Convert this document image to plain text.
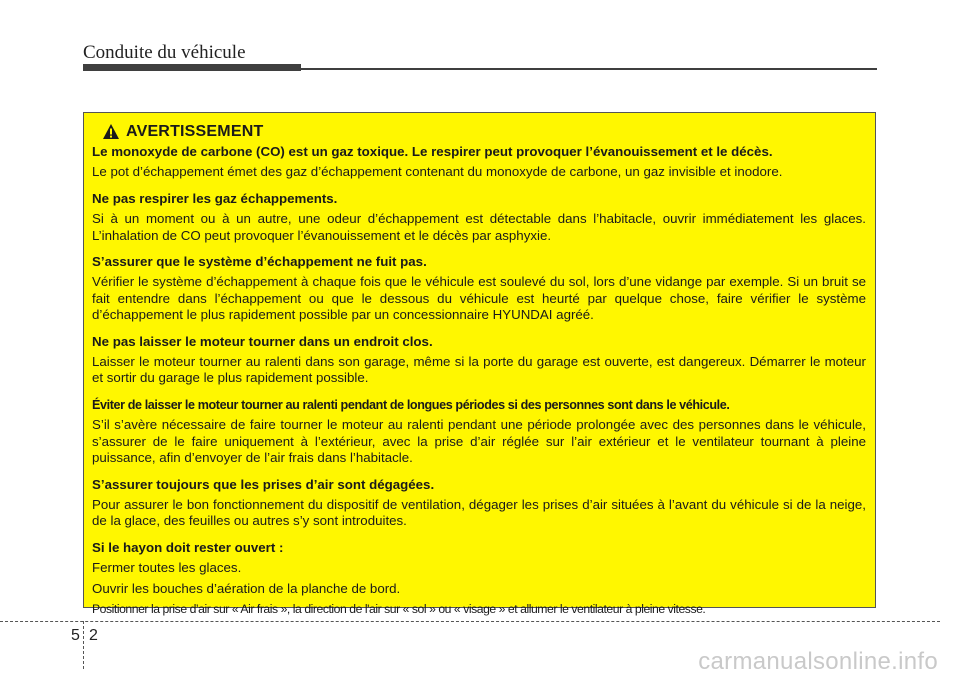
Conduite du véhicule
AVERTISSEMENT

Le monoxyde de carbone (CO) est un gaz toxique. Le respirer peut provoquer l’évanouissement et le décès.

Le pot d’échappement émet des gaz d’échappement contenant du monoxyde de carbone, un gaz invisible et inodore.

Ne pas respirer les gaz échappements.

Si à un moment ou à un autre, une odeur d’échappement est détectable dans l’habitacle, ouvrir immédiatement les glaces. L’inhalation de CO peut provoquer l’évanouissement et le décès par asphyxie.

S’assurer que le système d’échappement ne fuit pas.

Vérifier le système d’échappement à chaque fois que le véhicule est soulevé du sol, lors d’une vidange par exemple. Si un bruit se fait entendre dans l’échappement ou que le dessous du véhicule est heurté par quelque chose, faire vérifier le système d’échappement le plus rapidement possible par un concessionnaire HYUNDAI agréé.

Ne pas laisser le moteur tourner dans un endroit clos.

Laisser le moteur tourner au ralenti dans son garage, même si la porte du garage est ouverte, est dangereux. Démarrer le moteur et sortir du garage le plus rapidement possible.

Éviter de laisser le moteur tourner au ralenti pendant de longues périodes si des personnes sont dans le véhicule.

S’il s’avère nécessaire de faire tourner le moteur au ralenti pendant une période prolongée avec des personnes dans le véhicule, s’assurer de le faire uniquement à l’extérieur, avec la prise d’air réglée sur l’air extérieur et le ventilateur tournant à pleine puissance, afin d’envoyer de l’air frais dans l’habitacle.

S’assurer toujours que les prises d’air sont dégagées.

Pour assurer le bon fonctionnement du dispositif de ventilation, dégager les prises d’air situées à l’avant du véhicule si de la neige, de la glace, des feuilles ou autres s’y sont introduites.

Si le hayon doit rester ouvert :

Fermer toutes les glaces.

Ouvrir les bouches d’aération de la planche de bord.

Positionner la prise d’air sur « Air frais », la direction de l'air sur « sol » ou « visage » et allumer le ventilateur à pleine vitesse.

5 2
carmanualsonline.info
